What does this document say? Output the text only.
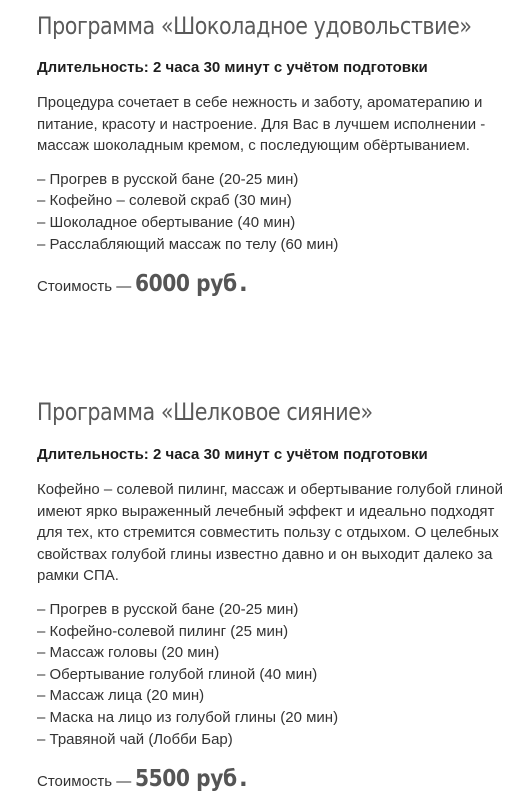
Программа «Шоколадное удовольствие»

Длительность: 2 часа 30 минут с учётом подготовки

Процедура сочетает в себе нежность и заботу, ароматерапию и питание, красоту и настроение. Для Вас в лучшем исполнении - массаж шоколадным кремом, с последующим обёртыванием.

– Прогрев в русской бане (20-25 мин)
– Кофейно – солевой скраб (30 мин)
– Шоколадное обертывание (40 мин)
– Расслабляющий массаж по телу (60 мин)

Стоимость — 6000 руб.

Программа «Шелковое сияние»

Длительность: 2 часа 30 минут с учётом подготовки

Кофейно – солевой пилинг, массаж и обертывание голубой глиной имеют ярко выраженный лечебный эффект и идеально подходят для тех, кто стремится совместить пользу с отдыхом. О целебных свойствах голубой глины известно давно и он выходит далеко за рамки СПА.

– Прогрев в русской бане (20-25 мин)
– Кофейно-солевой пилинг (25 мин)
– Массаж головы (20 мин)
– Обертывание голубой глиной (40 мин)
– Массаж лица (20 мин)
– Маска на лицо из голубой глины (20 мин)
– Травяной чай (Лобби Бар)

Стоимость — 5500 руб.
